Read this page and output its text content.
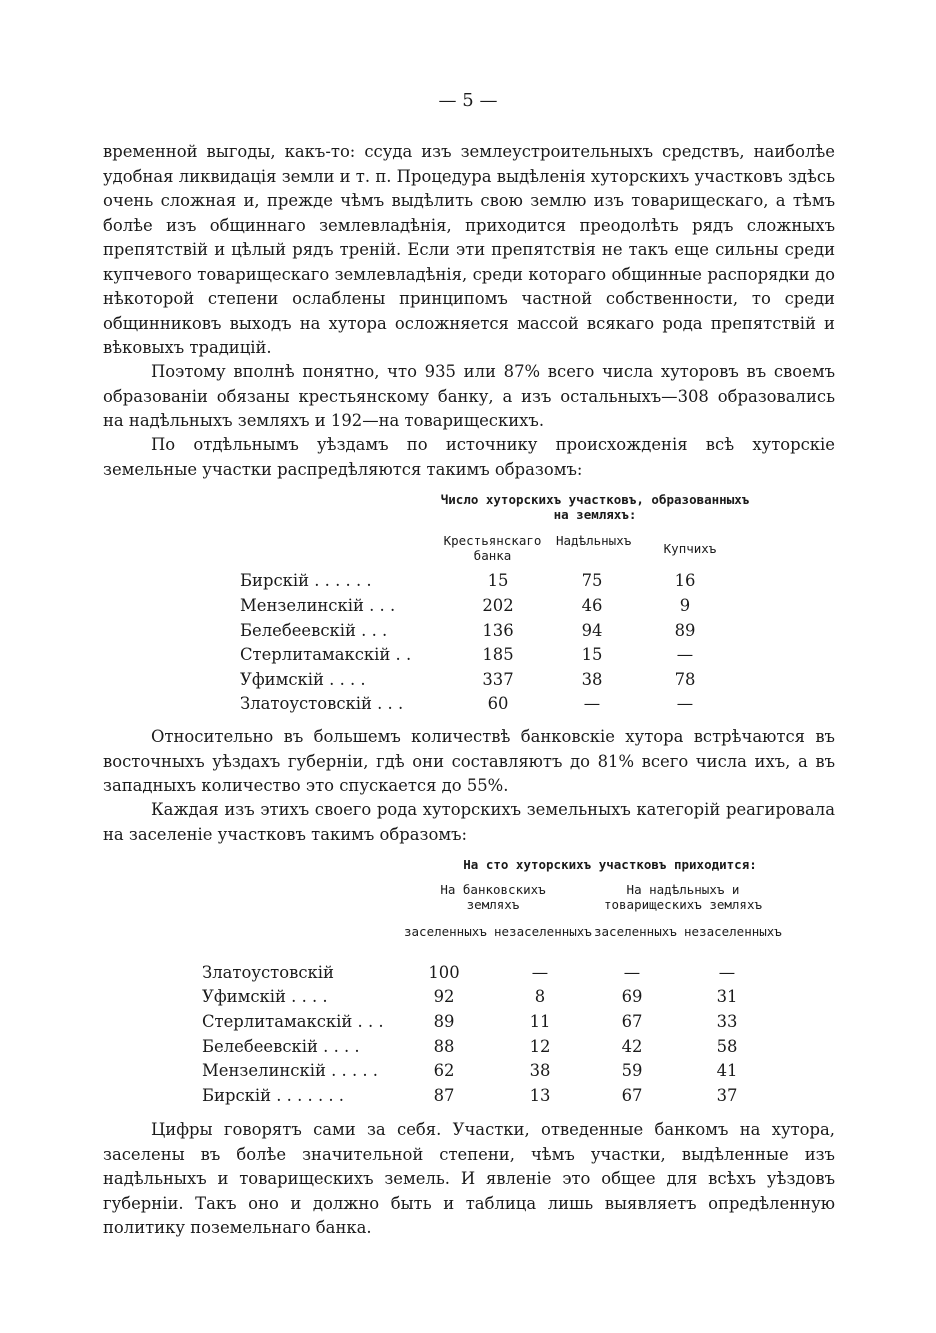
— 5 —

временной выгоды, какъ-то: ссуда изъ землеустроительныхъ средствъ, наиболѣе удобная ликвидація земли и т. п. Процедура выдѣленія хуторскихъ участковъ здѣсь очень сложная и, прежде чѣмъ выдѣлить свою землю изъ товарищескаго, а тѣмъ болѣе изъ общиннаго землевладѣнія, приходится преодолѣть рядъ сложныхъ препятствій и цѣлый рядъ треній. Если эти препятствія не такъ еще сильны среди купчевого товарищескаго землевладѣнія, среди котораго общинные распорядки до нѣкоторой степени ослаблены принципомъ частной собственности, то среди общинниковъ выходъ на хутора осложняется массой всякаго рода препятствій и вѣковыхъ традицій.

Поэтому вполнѣ понятно, что 935 или 87% всего числа хуторовъ въ своемъ образованіи обязаны крестьянскому банку, а изъ остальныхъ—308 образовались на надѣльныхъ земляхъ и 192—на товарищескихъ.

По отдѣльнымъ уѣздамъ по источнику происхожденія всѣ хуторскіе земельные участки распредѣляются такимъ образомъ:

Число хуторскихъ участковъ, образованныхъ на земляхъ:
Крестьянскаго банка
Надѣльныхъ
Купчихъ
Бирскій . . . . . .	15	75	16
Мензелинскій . . .	202	46	9
Белебеевскій . . .	136	94	89
Стерлитамакскій . .	185	15	—
Уфимскій . . . .	337	38	78
Златоустовскій . . .	60	—	—

Относительно въ большемъ количествѣ банковскіе хутора встрѣчаются въ восточныхъ уѣздахъ губерніи, гдѣ они составляютъ до 81% всего числа ихъ, а въ западныхъ количество это спускается до 55%.

Каждая изъ этихъ своего рода хуторскихъ земельныхъ категорій реагировала на заселеніе участковъ такимъ образомъ:

На сто хуторскихъ участковъ приходится:
На банковскихъ земляхъ
На надѣльныхъ и товарищескихъ земляхъ
заселенныхъ незаселенныхъ заселенныхъ незаселенныхъ
Златоустовскій	100	—	—	—
Уфимскій . . . .	92	8	69	31
Стерлитамакскій . . .	89	11	67	33
Белебеевскій . . . .	88	12	42	58
Мензелинскій . . . . .	62	38	59	41
Бирскій . . . . . . .	87	13	67	37

Цифры говорятъ сами за себя. Участки, отведенные банкомъ на хутора, заселены въ болѣе значительной степени, чѣмъ участки, выдѣленные изъ надѣльныхъ и товарищескихъ земель. И явленіе это общее для всѣхъ уѣздовъ губерніи. Такъ оно и должно быть и таблица лишь выявляетъ опредѣленную политику поземельнаго банка.
